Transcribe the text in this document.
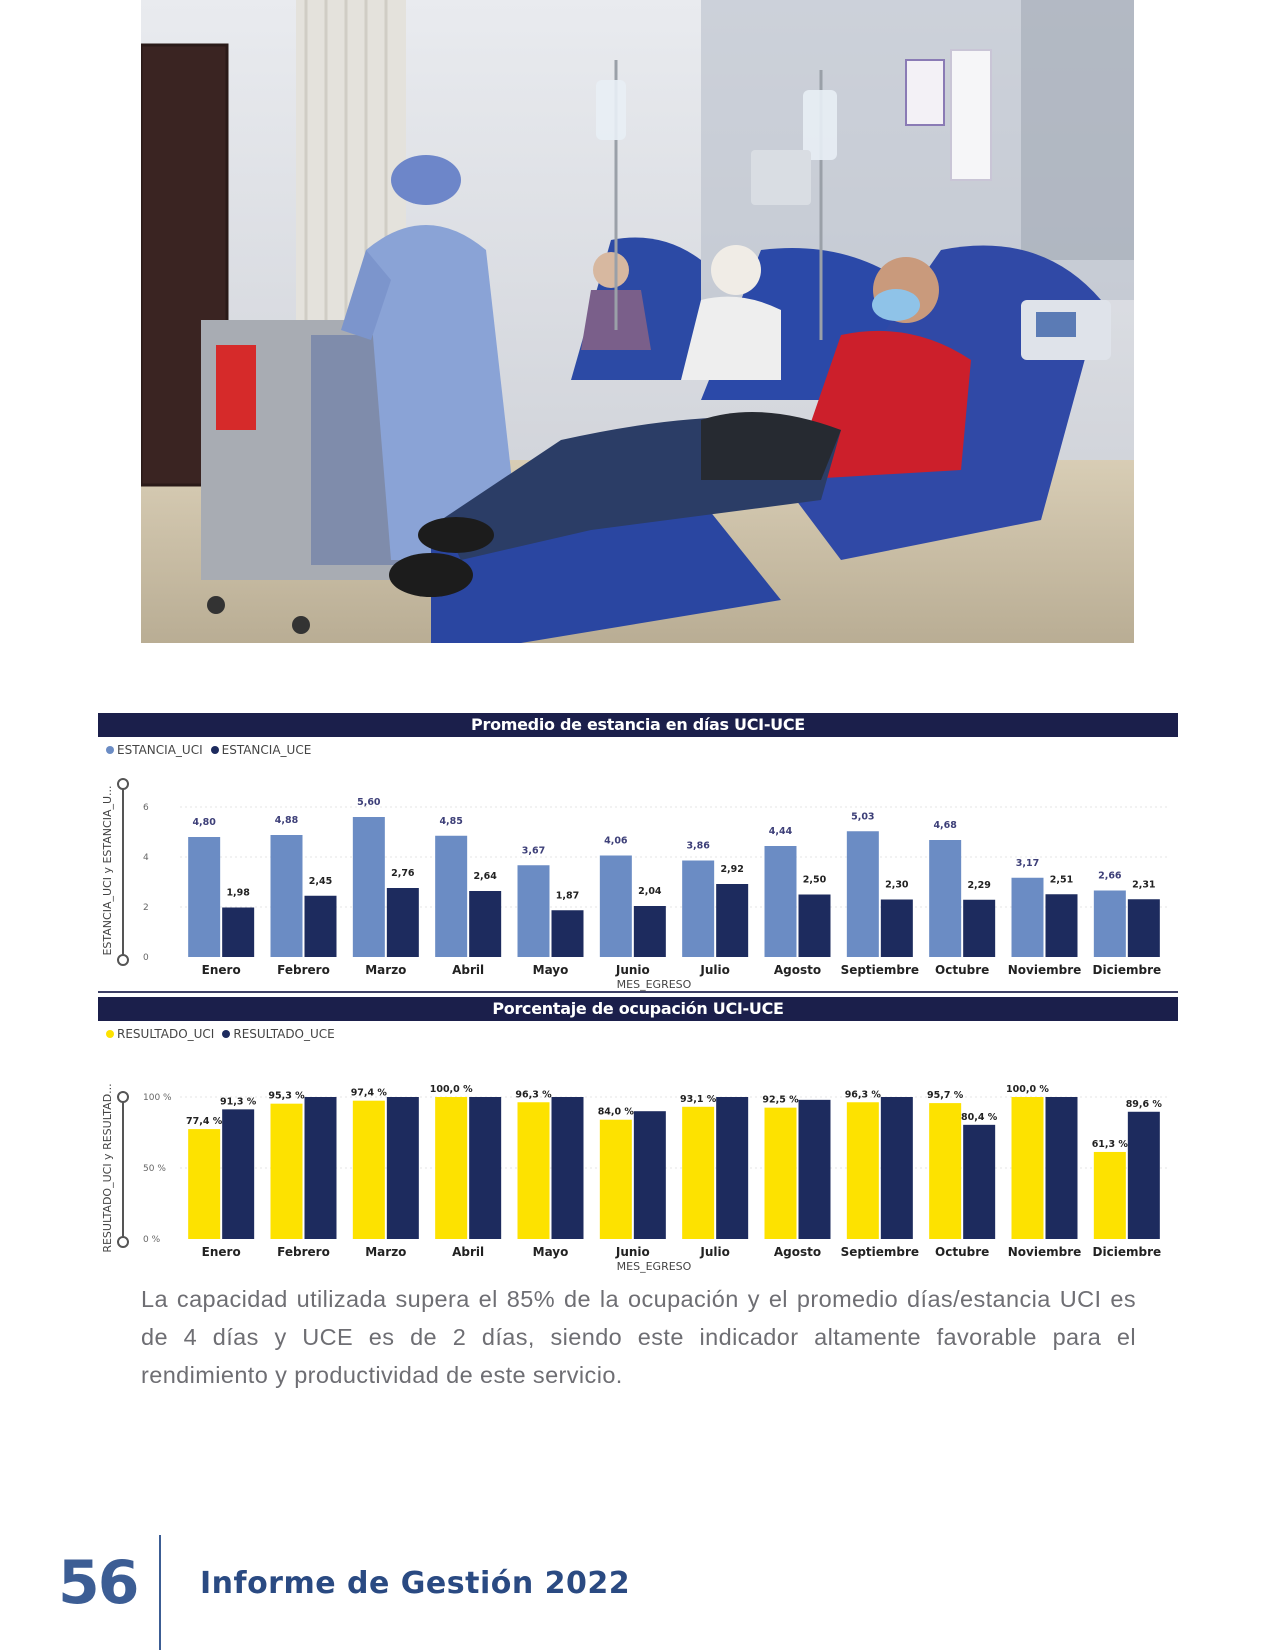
Promedio de estancia en días UCI-UCE
ESTANCIA_UCI ESTANCIA_UCE
ESTANCIA_UCI y ESTANCIA_U...
0
2
4
6
4,80
1,98
Enero
4,88
2,45
Febrero
5,60
2,76
Marzo
4,85
2,64
Abril
3,67
1,87
Mayo
4,06
2,04
Junio
3,86
2,92
Julio
4,44
2,50
Agosto
5,03
2,30
Septiembre
4,68
2,29
Octubre
3,17
2,51
Noviembre
2,66
2,31
Diciembre
MES_EGRESO
Porcentaje de ocupación UCI-UCE
RESULTADO_UCI RESULTADO_UCE
RESULTADO_UCI y RESULTAD...	0 %
50 %
100 %
77,4 %
91,3 %
Enero
95,3 %
Febrero
97,4 %
Marzo
100,0 %
Abril
96,3 %
Mayo
84,0 %
Junio
93,1 %
Julio
92,5 %
Agosto
96,3 %
Septiembre
95,7 %
80,4 %
Octubre
100,0 %
Noviembre
61,3 %
89,6 %
Diciembre
MES_EGRESO

La capacidad utilizada supera el 85% de la ocupación y el promedio días/estancia UCI es de 4 días y UCE es de 2 días, siendo este indicador altamente favorable para el rendimiento y productividad de este servicio.

56 Informe de Gestión 2022
